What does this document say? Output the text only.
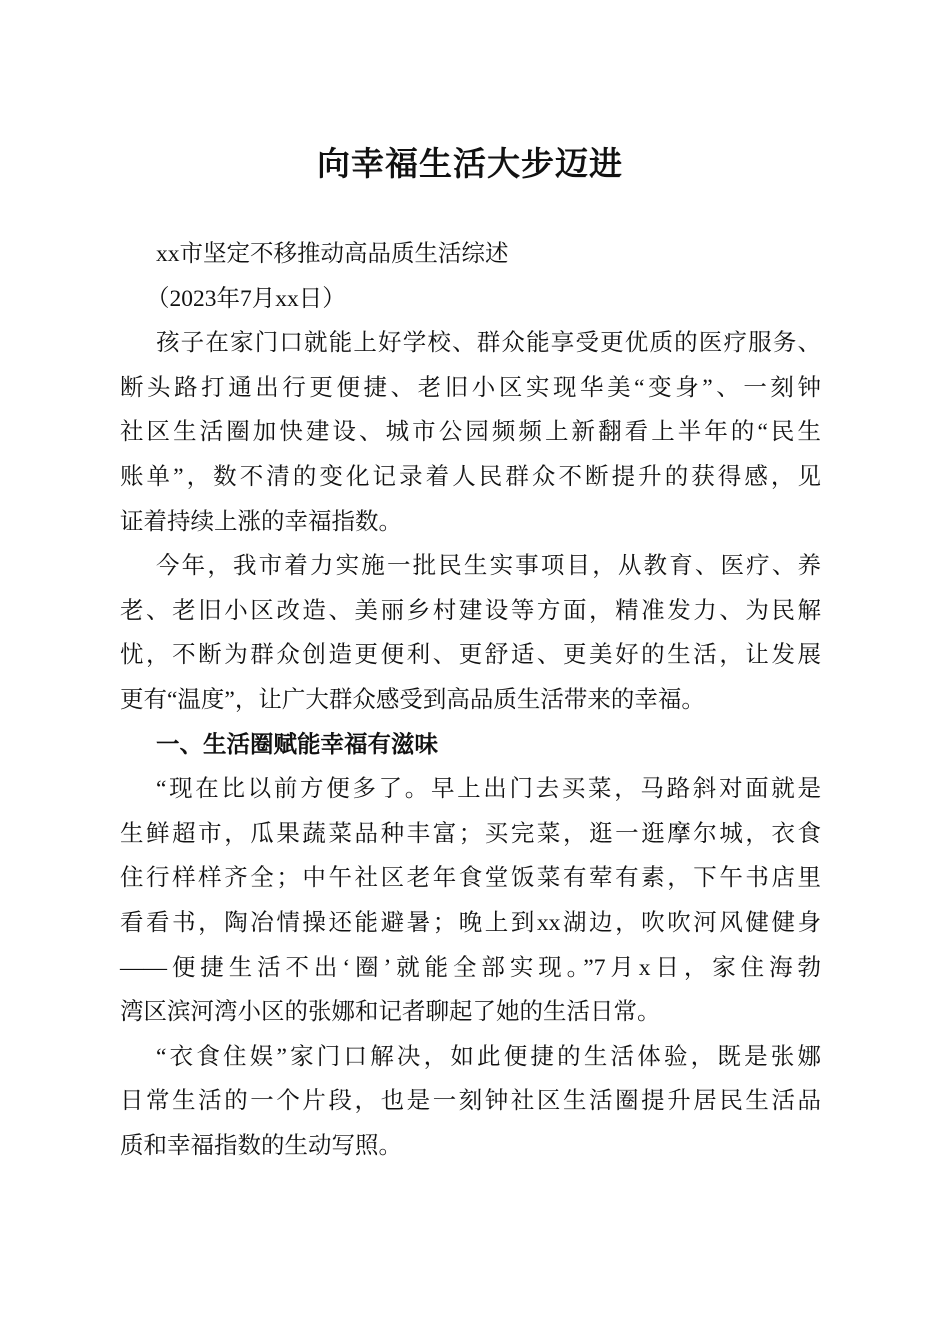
向幸福生活大步迈进
xx市坚定不移推动高品质生活综述
（2023年7月xx日）
孩子在家门口就能上好学校、群众能享受更优质的医疗服务、
断头路打通出行更便捷、老旧小区实现华美“变身”、一刻钟
社区生活圈加快建设、城市公园频频上新翻看上半年的“民生
账单”，数不清的变化记录着人民群众不断提升的获得感，见
证着持续上涨的幸福指数。
今年，我市着力实施一批民生实事项目，从教育、医疗、养
老、老旧小区改造、美丽乡村建设等方面，精准发力、为民解
忧，不断为群众创造更便利、更舒适、更美好的生活，让发展
更有“温度”，让广大群众感受到高品质生活带来的幸福。
一、生活圈赋能幸福有滋味
“现在比以前方便多了。早上出门去买菜，马路斜对面就是
生鲜超市，瓜果蔬菜品种丰富；买完菜，逛一逛摩尔城，衣食
住行样样齐全；中午社区老年食堂饭菜有荤有素，下午书店里
看看书，陶冶情操还能避暑；晚上到xx湖边，吹吹河风健健身
——便捷生活不出‘圈’就能全部实现。”7月x日，家住海勃
湾区滨河湾小区的张娜和记者聊起了她的生活日常。
“衣食住娱”家门口解决，如此便捷的生活体验，既是张娜
日常生活的一个片段，也是一刻钟社区生活圈提升居民生活品
质和幸福指数的生动写照。
